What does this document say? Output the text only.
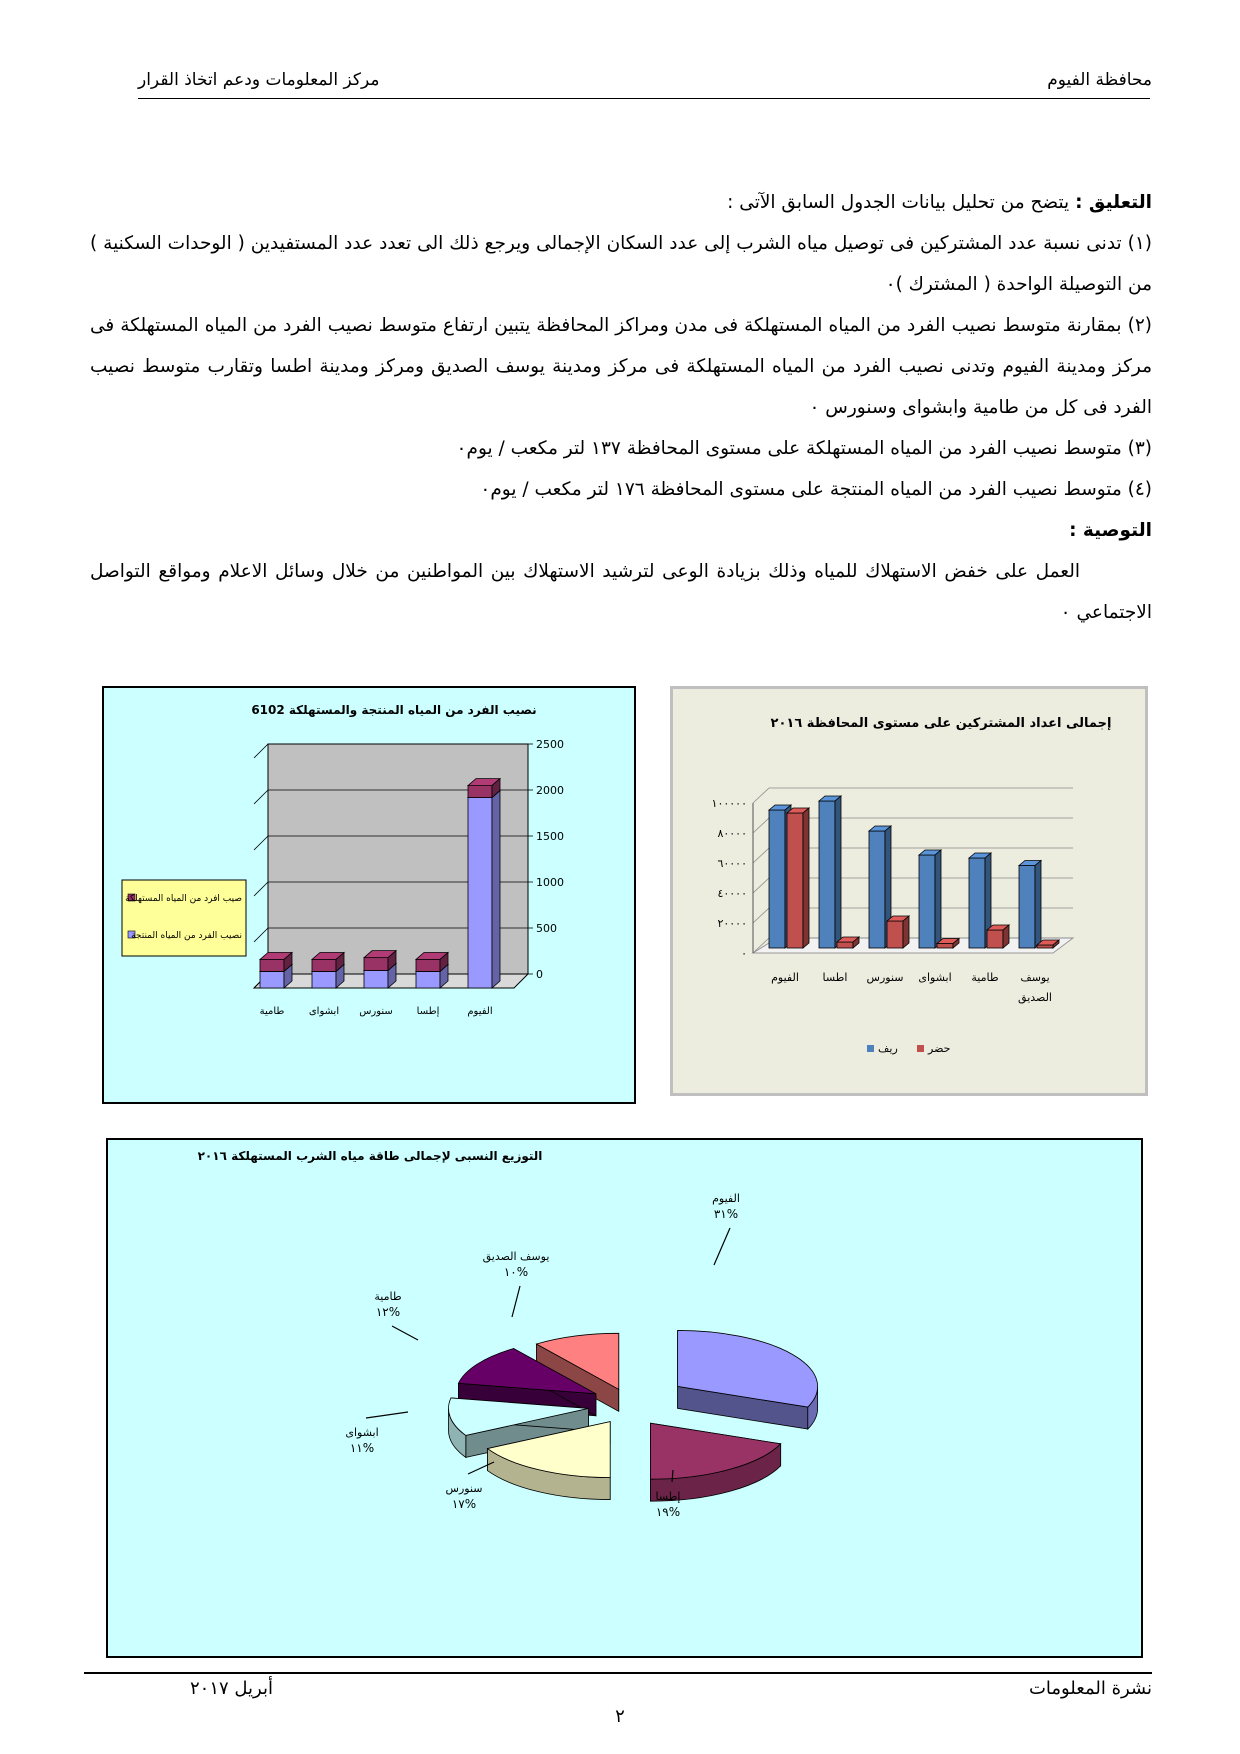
محافظة الفيوم
مركز المعلومات ودعم اتخاذ القرار

التعليق : يتضح من تحليل بيانات الجدول السابق الآتى :

(١) تدنى نسبة عدد المشتركين فى توصيل مياه الشرب إلى عدد السكان الإجمالى ويرجع ذلك الى تعدد عدد المستفيدين ( الوحدات السكنية ) من التوصيلة الواحدة ( المشترك )٠

(٢) بمقارنة متوسط نصيب الفرد من المياه المستهلكة فى مدن ومراكز المحافظة يتبين ارتفاع متوسط نصيب الفرد من المياه المستهلكة فى مركز ومدينة الفيوم وتدنى نصيب الفرد من المياه المستهلكة فى مركز ومدينة يوسف الصديق ومركز ومدينة اطسا وتقارب متوسط نصيب الفرد فى كل من طامية وابشواى وسنورس ٠

(٣) متوسط نصيب الفرد من المياه المستهلكة على مستوى المحافظة ١٣٧ لتر مكعب / يوم٠

(٤) متوسط نصيب الفرد من المياه المنتجة على مستوى المحافظة ١٧٦ لتر مكعب / يوم٠

التوصية :

العمل على خفض الاستهلاك للمياه وذلك بزيادة الوعى لترشيد الاستهلاك بين المواطنين من خلال وسائل الاعلام ومواقع التواصل الاجتماعي ٠

نصيب الفرد من المياه المنتجة والمستهلكة 6102
صيب افرد من المياه المستهلكة
نصيب الفرد من المياه المنتجة
0
500
1000
1500
2000
2500
الفيوم
إطسا
سنورس
ابشواى
طامية
إجمالى اعداد المشتركين على مستوى المحافظة ٢٠١٦
٠
٢٠٠٠٠
٤٠٠٠٠
٦٠٠٠٠
٨٠٠٠٠
١٠٠٠٠٠
الفيوم اطسا سنورس ابشواى طامية يوسف
الصديق
ريف	حضر
التوزيع النسبى لإجمالى طاقة مياه الشرب المستهلكة ٢٠١٦
الفيوم
٣١%
إطسا
١٩%
سنورس
١٧%
ابشواى
١١%
طامية
١٢%
يوسف الصديق
١٠%
نشرة المعلومات
أبريل ٢٠١٧
٢
